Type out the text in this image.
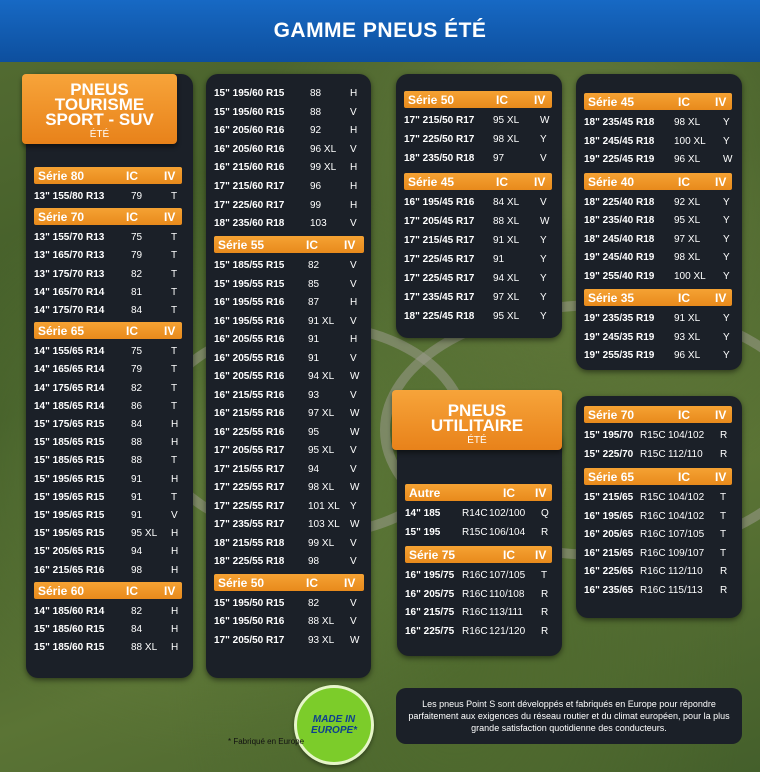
GAMME PNEUS ÉTÉ
PNEUS TOURISME SPORT - SUV
ÉTÉ
Série 80	IC IV
13" 155/80 R13	79	T
Série 70	IC IV
13" 155/70 R13	75	T
13" 165/70 R13	79	T
13" 175/70 R13	82	T
14" 165/70 R14	81	T
14" 175/70 R14	84	T
Série 65	IC IV
14" 155/65 R14	75	T
14" 165/65 R14	79	T
14" 175/65 R14	82	T
14" 185/65 R14	86	T
15" 175/65 R15	84	H
15" 185/65 R15	88	H
15" 185/65 R15	88	T
15" 195/65 R15	91	H
15" 195/65 R15	91	T
15" 195/65 R15	91	V
15" 195/65 R15	95 XL H
15" 205/65 R15	94	H
16" 215/65 R16	98	H
Série 60	IC IV
14" 185/60 R14	82	H
15" 185/60 R15	84	H
15" 185/60 R15	88 XL H
15" 195/60 R15	88	H
15" 195/60 R15	88	V
16" 205/60 R16	92	H
16" 205/60 R16	96 XL V
16" 215/60 R16	99 XL H
17" 215/60 R17	96	H
17" 225/60 R17	99	H
18" 235/60 R18	103 V
Série 55	IC IV
15" 185/55 R15 82	V
15" 195/55 R15 85	V
16" 195/55 R16 87	H
16" 195/55 R16 91 XL V
16" 205/55 R16 91	H
16" 205/55 R16 91	V
16" 205/55 R16 94 XL W
16" 215/55 R16 93	V
16" 215/55 R16 97 XL W
16" 225/55 R16 95	W
17" 205/55 R17 95 XL V
17" 215/55 R17 94	V
17" 225/55 R17 98 XL W
17" 225/55 R17 101 XL Y
17" 235/55 R17 103 XL W
18" 215/55 R18 99 XL V
18" 225/55 R18 98	V
Série 50	IC IV
15" 195/50 R15 82	V
16" 195/50 R16 88 XL V
17" 205/50 R17 93 XL W
Série 50	IC IV
17" 215/50 R17 95 XL W
17" 225/50 R17 98 XL Y
18" 235/50 R18 97	V
Série 45	IC IV
16" 195/45 R16 84 XL V
17" 205/45 R17 88 XL W
17" 215/45 R17 91 XL Y
17" 225/45 R17 91	Y
17" 225/45 R17 94 XL Y
17" 235/45 R17 97 XL Y
18" 225/45 R18 95 XL Y
Série 45	IC IV
18" 235/45 R18 98 XL Y
18" 245/45 R18 100 XL Y
19" 225/45 R19 96 XL W
Série 40	IC IV
18" 225/40 R18 92 XL Y
18" 235/40 R18 95 XL Y
18" 245/40 R18 97 XL Y
19" 245/40 R19 98 XL Y
19" 255/40 R19 100 XL Y
Série 35	IC IV
19" 235/35 R19 91 XL Y
19" 245/35 R19 93 XL Y
19" 255/35 R19 96 XL Y
PNEUS UTILITAIRE
ÉTÉ
Autre	IC IV
14" 185 R14C 102/100 Q
15" 195 R15C 106/104 R
Série 75	IC IV
16" 195/75 R16C 107/105 T
16" 205/75 R16C 110/108 R
16" 215/75 R16C 113/111 R
16" 225/75 R16C 121/120 R
Série 70	IC IV
15" 195/70 R15C 104/102 R
15" 225/70 R15C 112/110 R
Série 65	IC IV
15" 215/65 R15C 104/102 T
16" 195/65 R16C 104/102 T
16" 205/65 R16C 107/105 T
16" 215/65 R16C 109/107 T
16" 225/65 R16C 112/110 R
16" 235/65 R16C 115/113 R
MADE IN EUROPE*
* Fabriqué en Europe
Les pneus Point S sont développés et fabriqués en Europe pour répondre parfaitement aux exigences du réseau routier et du climat européen, pour la plus grande satisfaction quotidienne des conducteurs.
